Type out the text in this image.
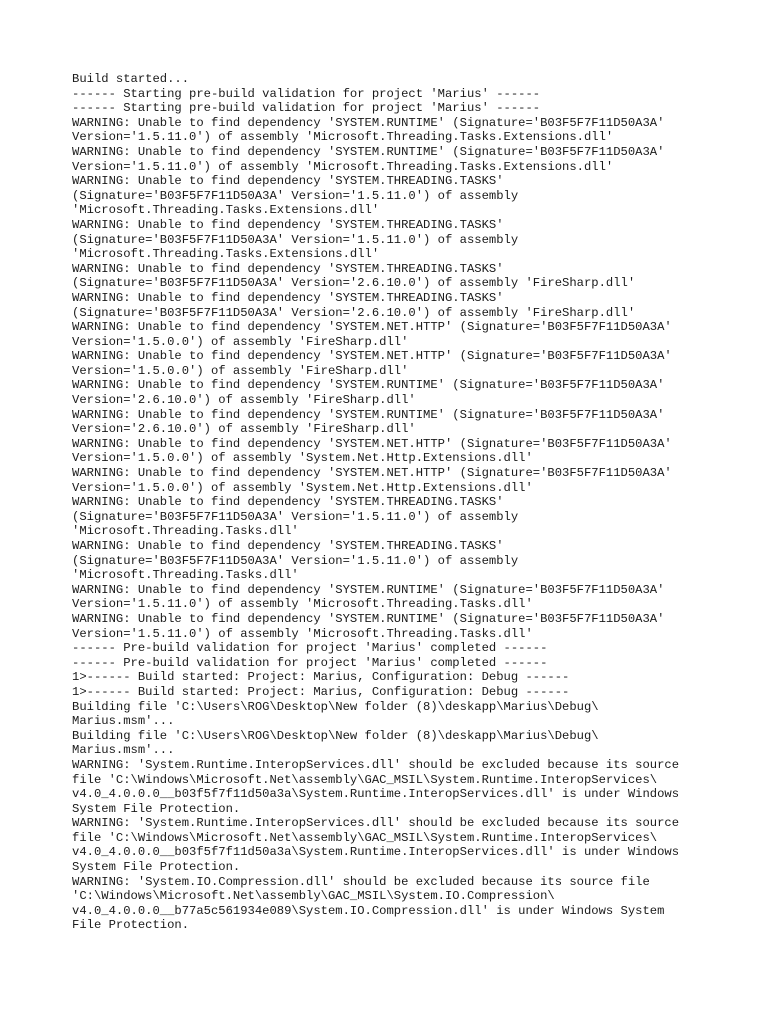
Build started...
------ Starting pre-build validation for project 'Marius' ------
------ Starting pre-build validation for project 'Marius' ------
WARNING: Unable to find dependency 'SYSTEM.RUNTIME' (Signature='B03F5F7F11D50A3A'
Version='1.5.11.0') of assembly 'Microsoft.Threading.Tasks.Extensions.dll'
WARNING: Unable to find dependency 'SYSTEM.RUNTIME' (Signature='B03F5F7F11D50A3A'
Version='1.5.11.0') of assembly 'Microsoft.Threading.Tasks.Extensions.dll'
WARNING: Unable to find dependency 'SYSTEM.THREADING.TASKS'
(Signature='B03F5F7F11D50A3A' Version='1.5.11.0') of assembly
'Microsoft.Threading.Tasks.Extensions.dll'
WARNING: Unable to find dependency 'SYSTEM.THREADING.TASKS'
(Signature='B03F5F7F11D50A3A' Version='1.5.11.0') of assembly
'Microsoft.Threading.Tasks.Extensions.dll'
WARNING: Unable to find dependency 'SYSTEM.THREADING.TASKS'
(Signature='B03F5F7F11D50A3A' Version='2.6.10.0') of assembly 'FireSharp.dll'
WARNING: Unable to find dependency 'SYSTEM.THREADING.TASKS'
(Signature='B03F5F7F11D50A3A' Version='2.6.10.0') of assembly 'FireSharp.dll'
WARNING: Unable to find dependency 'SYSTEM.NET.HTTP' (Signature='B03F5F7F11D50A3A'
Version='1.5.0.0') of assembly 'FireSharp.dll'
WARNING: Unable to find dependency 'SYSTEM.NET.HTTP' (Signature='B03F5F7F11D50A3A'
Version='1.5.0.0') of assembly 'FireSharp.dll'
WARNING: Unable to find dependency 'SYSTEM.RUNTIME' (Signature='B03F5F7F11D50A3A'
Version='2.6.10.0') of assembly 'FireSharp.dll'
WARNING: Unable to find dependency 'SYSTEM.RUNTIME' (Signature='B03F5F7F11D50A3A'
Version='2.6.10.0') of assembly 'FireSharp.dll'
WARNING: Unable to find dependency 'SYSTEM.NET.HTTP' (Signature='B03F5F7F11D50A3A'
Version='1.5.0.0') of assembly 'System.Net.Http.Extensions.dll'
WARNING: Unable to find dependency 'SYSTEM.NET.HTTP' (Signature='B03F5F7F11D50A3A'
Version='1.5.0.0') of assembly 'System.Net.Http.Extensions.dll'
WARNING: Unable to find dependency 'SYSTEM.THREADING.TASKS'
(Signature='B03F5F7F11D50A3A' Version='1.5.11.0') of assembly
'Microsoft.Threading.Tasks.dll'
WARNING: Unable to find dependency 'SYSTEM.THREADING.TASKS'
(Signature='B03F5F7F11D50A3A' Version='1.5.11.0') of assembly
'Microsoft.Threading.Tasks.dll'
WARNING: Unable to find dependency 'SYSTEM.RUNTIME' (Signature='B03F5F7F11D50A3A'
Version='1.5.11.0') of assembly 'Microsoft.Threading.Tasks.dll'
WARNING: Unable to find dependency 'SYSTEM.RUNTIME' (Signature='B03F5F7F11D50A3A'
Version='1.5.11.0') of assembly 'Microsoft.Threading.Tasks.dll'
------ Pre-build validation for project 'Marius' completed ------
------ Pre-build validation for project 'Marius' completed ------
1>------ Build started: Project: Marius, Configuration: Debug ------
1>------ Build started: Project: Marius, Configuration: Debug ------
Building file 'C:\Users\ROG\Desktop\New folder (8)\deskapp\Marius\Debug\
Marius.msm'...
Building file 'C:\Users\ROG\Desktop\New folder (8)\deskapp\Marius\Debug\
Marius.msm'...
WARNING: 'System.Runtime.InteropServices.dll' should be excluded because its source
file 'C:\Windows\Microsoft.Net\assembly\GAC_MSIL\System.Runtime.InteropServices\
v4.0_4.0.0.0__b03f5f7f11d50a3a\System.Runtime.InteropServices.dll' is under Windows
System File Protection.
WARNING: 'System.Runtime.InteropServices.dll' should be excluded because its source
file 'C:\Windows\Microsoft.Net\assembly\GAC_MSIL\System.Runtime.InteropServices\
v4.0_4.0.0.0__b03f5f7f11d50a3a\System.Runtime.InteropServices.dll' is under Windows
System File Protection.
WARNING: 'System.IO.Compression.dll' should be excluded because its source file
'C:\Windows\Microsoft.Net\assembly\GAC_MSIL\System.IO.Compression\
v4.0_4.0.0.0__b77a5c561934e089\System.IO.Compression.dll' is under Windows System
File Protection.
